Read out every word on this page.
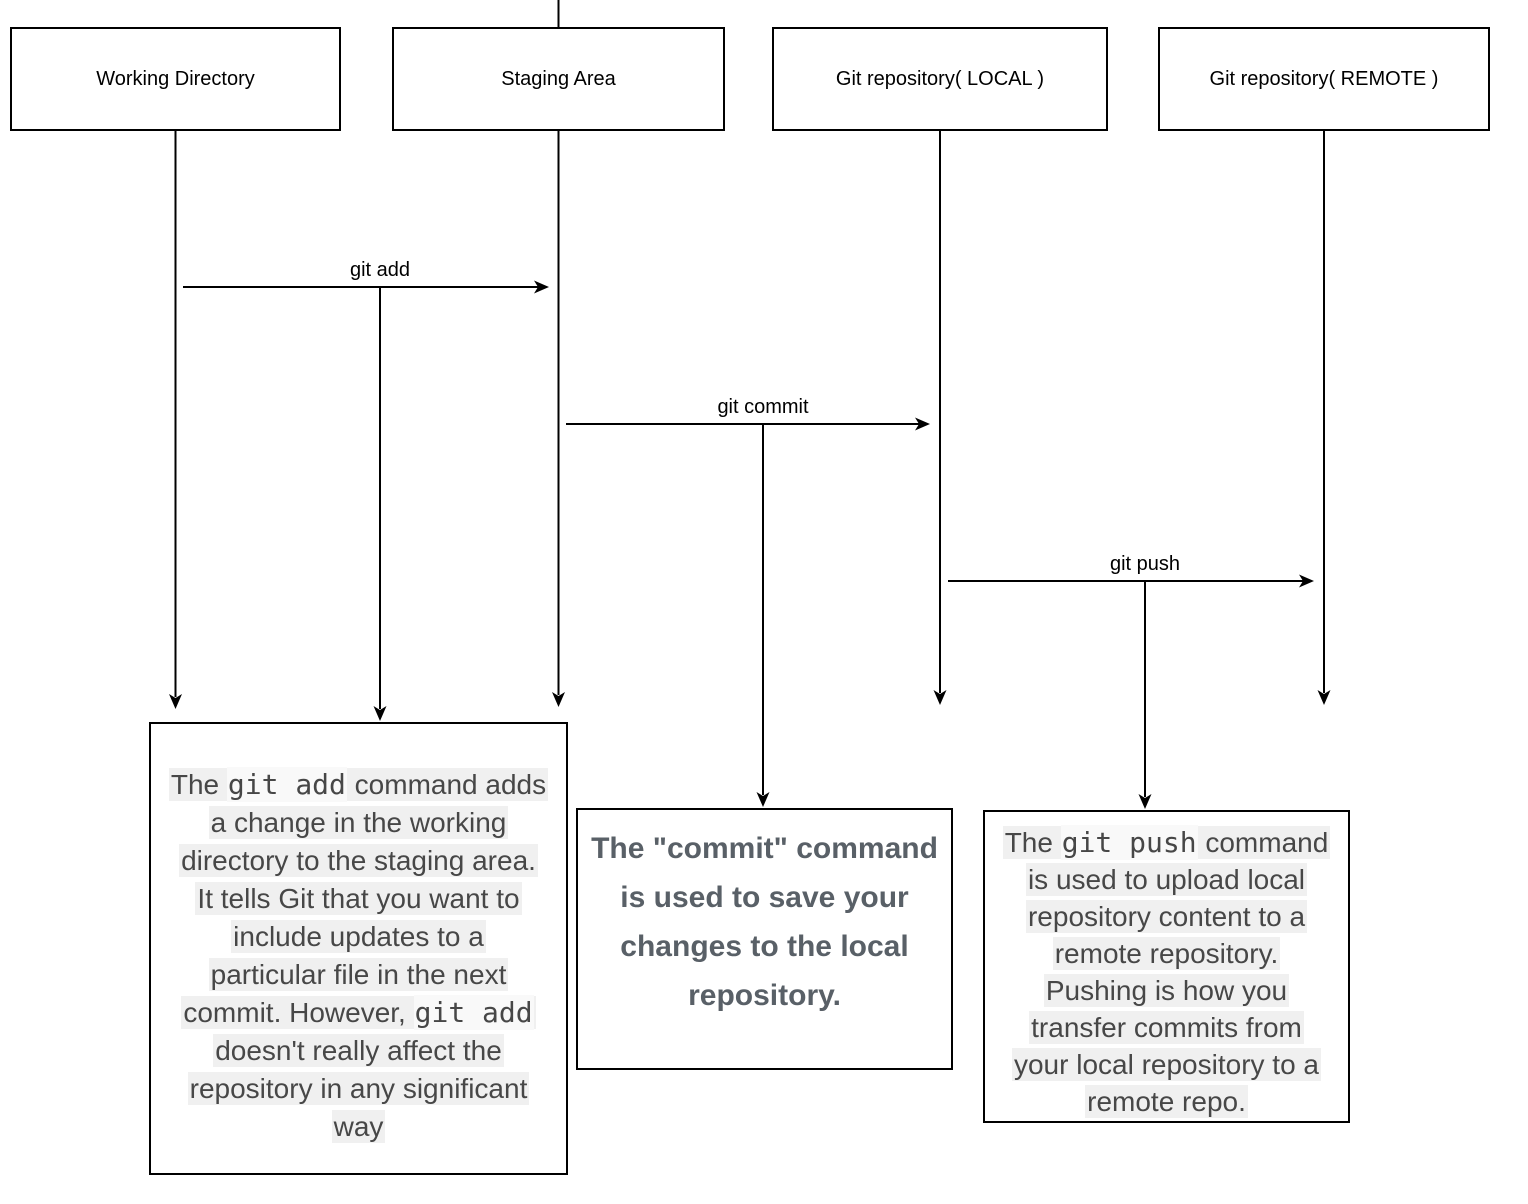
Working Directory	Staging Area	Git repository( LOCAL )	Git repository( REMOTE )
git add
git commit
git push
The git add command adds
a change in the working
directory to the staging area.
It tells Git that you want to
include updates to a
particular file in the next
commit. However, git add
doesn't really affect the
repository in any significant
way
The "commit" command
is used to save your
changes to the local
repository.
The git push command
is used to upload local
repository content to a
remote repository.
Pushing is how you
transfer commits from
your local repository to a
remote repo.
